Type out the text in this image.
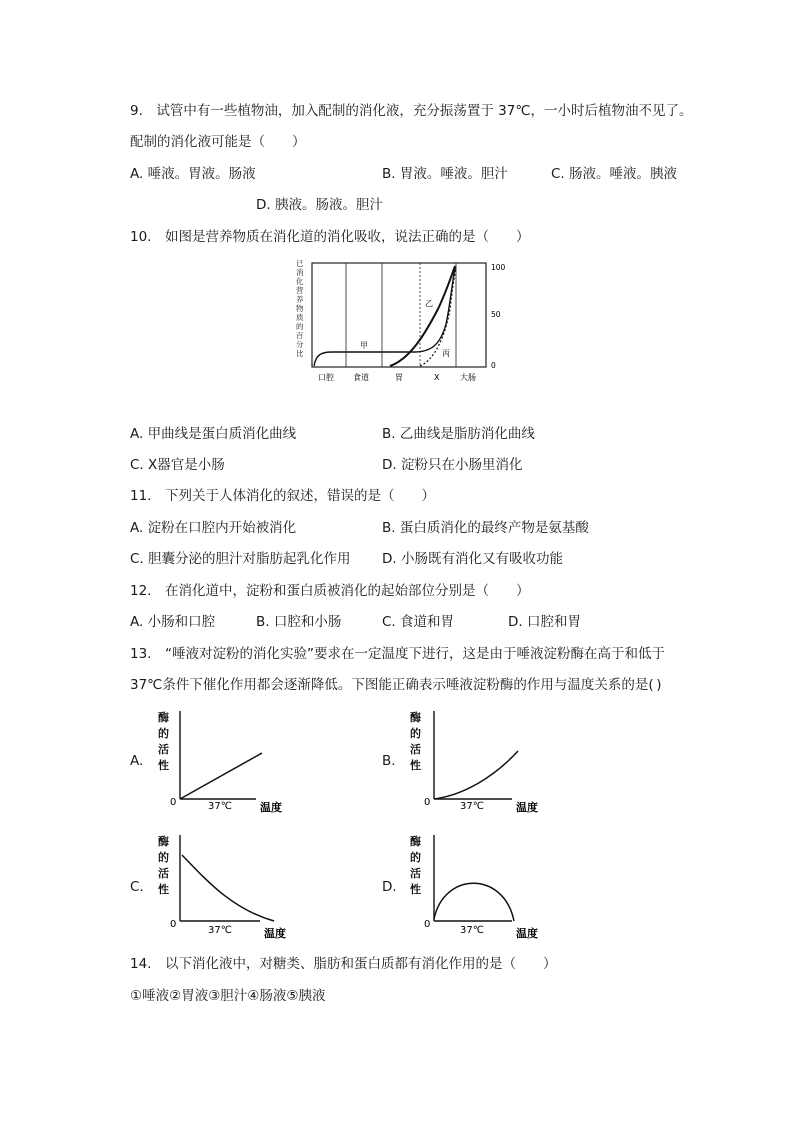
9.　试管中有一些植物油，加入配制的消化液，充分振荡置于 37℃，一小时后植物油不见了。
配制的消化液可能是（　　）
A. 唾液。胃液。肠液	B. 胃液。唾液。胆汁	C. 肠液。唾液。胰液
D. 胰液。肠液。胆汁
10.　如图是营养物质在消化道的消化吸收，说法正确的是（　　）
已
消
化
营
养
物
质
的
百
分
比
甲
乙
丙
100
50
0
口腔 食道	胃	X	大肠
A. 甲曲线是蛋白质消化曲线	B. 乙曲线是脂肪消化曲线
C. X器官是小肠	D. 淀粉只在小肠里消化
11.　下列关于人体消化的叙述，错误的是（　　）
A. 淀粉在口腔内开始被消化	B. 蛋白质消化的最终产物是氨基酸
C. 胆囊分泌的胆汁对脂肪起乳化作用 D. 小肠既有消化又有吸收功能
12.　在消化道中，淀粉和蛋白质被消化的起始部位分别是（　　）
A. 小肠和口腔	B. 口腔和小肠	C. 食道和胃	D. 口腔和胃
13.　“唾液对淀粉的消化实验”要求在一定温度下进行，这是由于唾液淀粉酶在高于和低于
37℃条件下催化作用都会逐渐降低。下图能正确表示唾液淀粉酶的作用与温度关系的是( )
A.	B.
C.	D.
酶
的
活
性
0	37℃	温度
酶
的
活
性
0	37℃	温度
酶
的
活
性
0
37℃	温度
酶
的
活
性
0
37℃	温度
14.　以下消化液中，对糖类、脂肪和蛋白质都有消化作用的是（　　）
①唾液②胃液③胆汁④肠液⑤胰液
